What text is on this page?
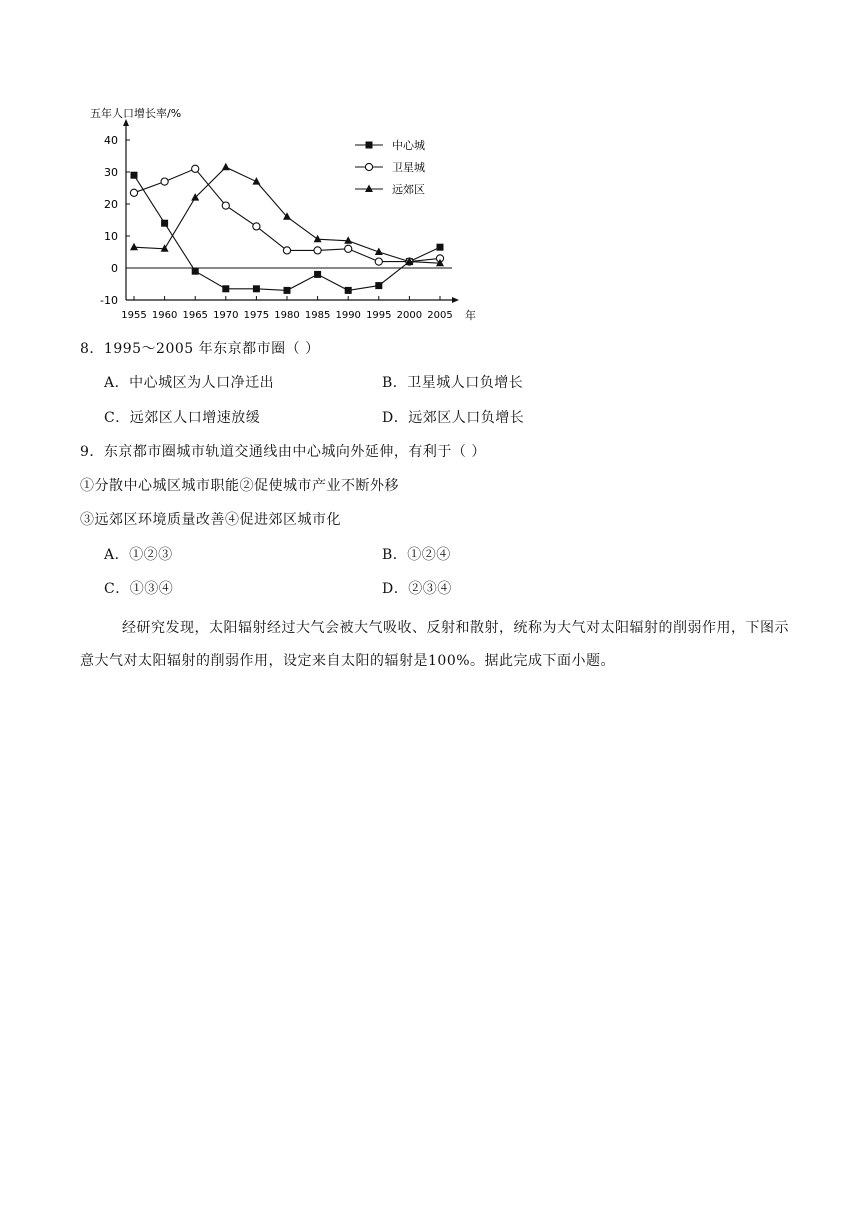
-10
0
10
20
30
40
1955 1960 1965 1970 1975 1980 1985 1990 1995 2000 2005
中心城
卫星城
远郊区
五年人口增长率/%
年
8．1995～2005 年东京都市圈（ ）
A．中心城区为人口净迁出	B．卫星城人口负增长
C．远郊区人口增速放缓	D．远郊区人口负增长
9．东京都市圈城市轨道交通线由中心城向外延伸，有利于（ ）
①分散中心城区城市职能②促使城市产业不断外移
③远郊区环境质量改善④促进郊区城市化
A．①②③	B．①②④
C．①③④	D．②③④
经研究发现，太阳辐射经过大气会被大气吸收、反射和散射，统称为大气对太阳辐射的削弱作用，下图示意大气对太阳辐射的削弱作用，设定来自太阳的辐射是100%。据此完成下面小题。
